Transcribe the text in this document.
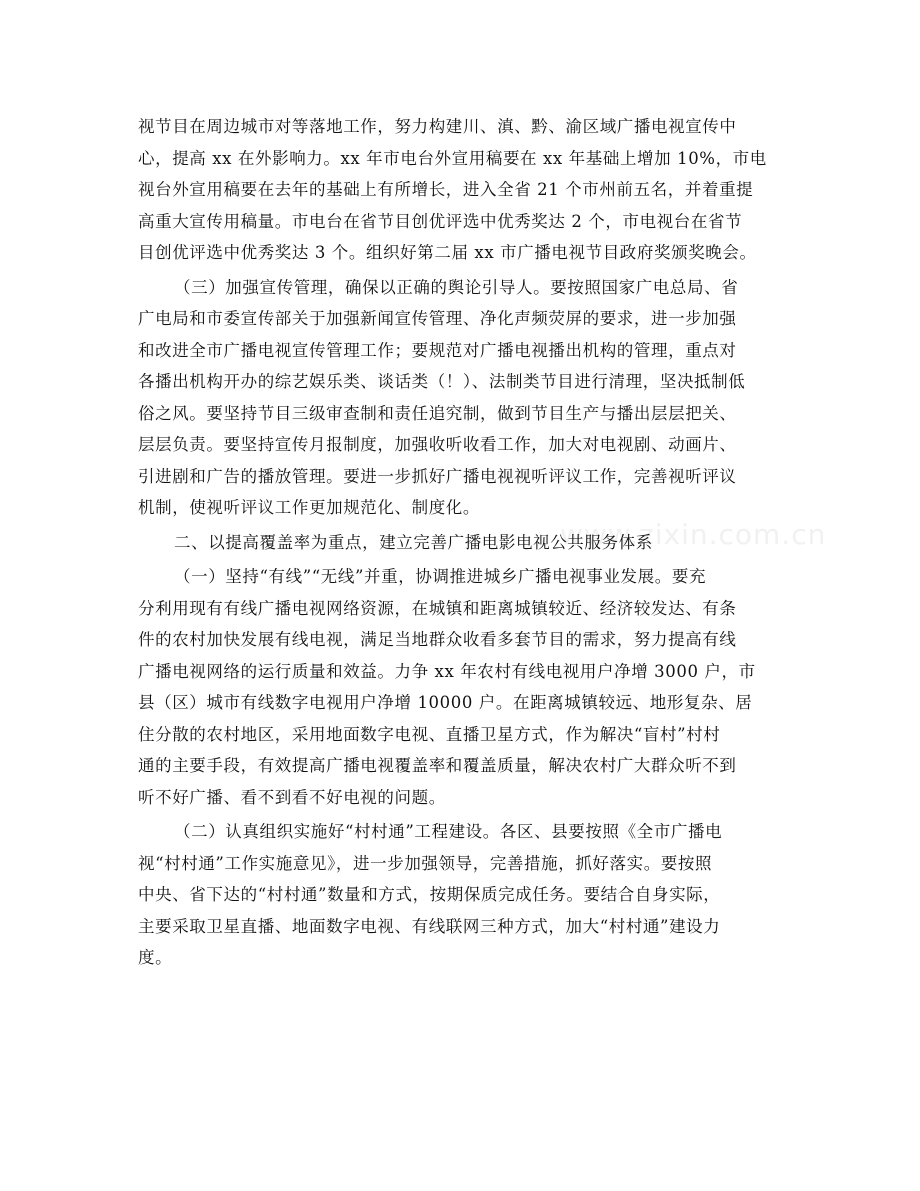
www.zixin.com.cn
视节目在周边城市对等落地工作，努力构建川、滇、黔、渝区域广播电视宣传中
心，提高 xx 在外影响力。xx 年市电台外宣用稿要在 xx 年基础上增加 10%，市电
视台外宣用稿要在去年的基础上有所增长，进入全省 21 个市州前五名，并着重提
高重大宣传用稿量。市电台在省节目创优评选中优秀奖达 2 个，市电视台在省节
目创优评选中优秀奖达 3 个。组织好第二届 xx 市广播电视节目政府奖颁奖晚会。
（三）加强宣传管理，确保以正确的舆论引导人。要按照国家广电总局、省
广电局和市委宣传部关于加强新闻宣传管理、净化声频荧屏的要求，进一步加强
和改进全市广播电视宣传管理工作；要规范对广播电视播出机构的管理，重点对
各播出机构开办的综艺娱乐类、谈话类（！）、法制类节目进行清理，坚决抵制低
俗之风。要坚持节目三级审查制和责任追究制，做到节目生产与播出层层把关、
层层负责。要坚持宣传月报制度，加强收听收看工作，加大对电视剧、动画片、
引进剧和广告的播放管理。要进一步抓好广播电视视听评议工作，完善视听评议
机制，使视听评议工作更加规范化、制度化。
二、以提高覆盖率为重点，建立完善广播电影电视公共服务体系
（一）坚持“有线”“无线”并重，协调推进城乡广播电视事业发展。要充
分利用现有有线广播电视网络资源，在城镇和距离城镇较近、经济较发达、有条
件的农村加快发展有线电视，满足当地群众收看多套节目的需求，努力提高有线
广播电视网络的运行质量和效益。力争 xx 年农村有线电视用户净增 3000 户，市
县（区）城市有线数字电视用户净增 10000 户。在距离城镇较远、地形复杂、居
住分散的农村地区，采用地面数字电视、直播卫星方式，作为解决“盲村”村村
通的主要手段，有效提高广播电视覆盖率和覆盖质量，解决农村广大群众听不到
听不好广播、看不到看不好电视的问题。
（二）认真组织实施好“村村通”工程建设。各区、县要按照《全市广播电
视“村村通”工作实施意见》，进一步加强领导，完善措施，抓好落实。要按照
中央、省下达的“村村通”数量和方式，按期保质完成任务。要结合自身实际，
主要采取卫星直播、地面数字电视、有线联网三种方式，加大“村村通”建设力
度。
